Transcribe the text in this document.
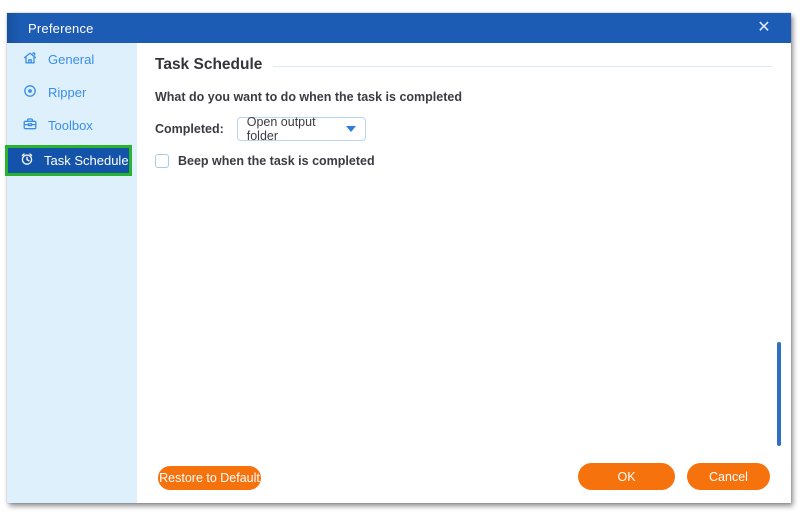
Preference	✕
General
Ripper
Toolbox
Task Schedule
Task Schedule
What do you want to do when the task is completed
Completed: Open output folder
Beep when the task is completed
Restore to Default	OK	Cancel
